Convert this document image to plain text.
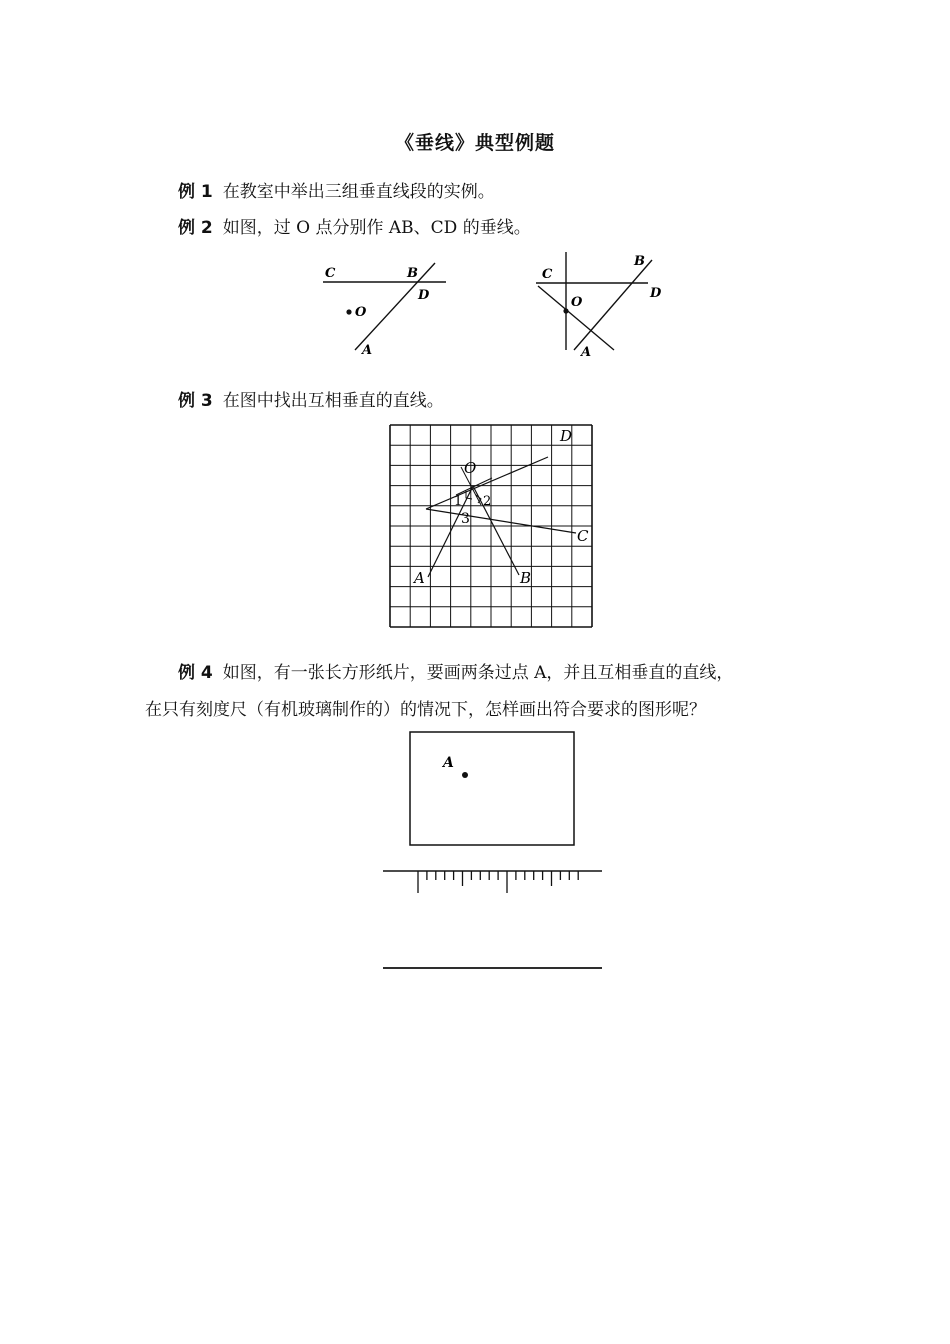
《垂线》典型例题
例 1 在教室中举出三组垂直线段的实例。
例 2 如图，过 O 点分别作 AB、CD 的垂线。
C	B
D
O
A
C
B
D
O
A
例 3 在图中找出互相垂直的直线。
O
D
C
A	B
1 2
3
例 4 如图，有一张长方形纸片，要画两条过点 A，并且互相垂直的直线，
在只有刻度尺（有机玻璃制作的）的情况下，怎样画出符合要求的图形呢？
A
